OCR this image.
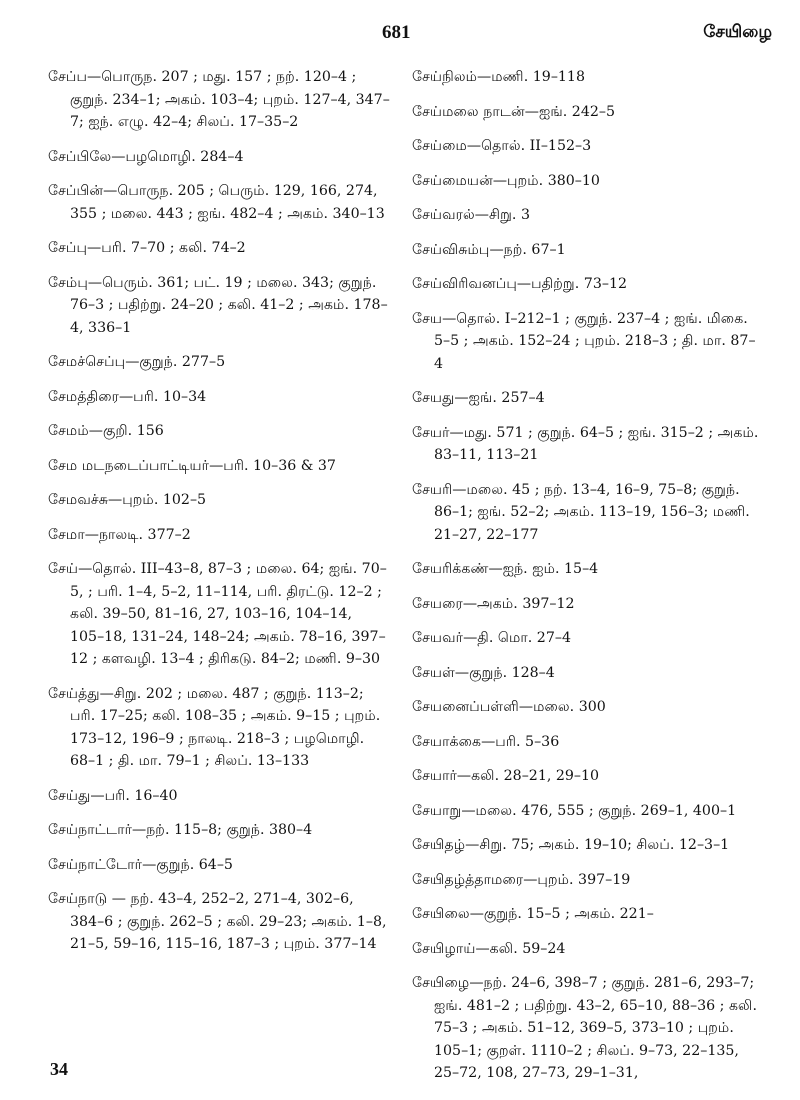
681	சேயிழை
சேப்ப—பொருந. 207 ; மது. 157 ; நற். 120–4 ; குறுந். 234–1; அகம். 103–4; புறம். 127–4, 347–7; ஐந். எழு. 42–4; சிலப். 17–35–2
சேப்பிலே—பழமொழி. 284–4
சேப்பின்—பொருந. 205 ; பெரும். 129, 166, 274, 355 ; மலை. 443 ; ஐங். 482–4 ; அகம். 340–13
சேப்பு—பரி. 7–70 ; கலி. 74–2
சேம்பு—பெரும். 361; பட். 19 ; மலை. 343; குறுந். 76–3 ; பதிற்று. 24–20 ; கலி. 41–2 ; அகம். 178–4, 336–1
சேமச்செப்பு—குறுந். 277–5
சேமத்திரை—பரி. 10–34
சேமம்—குறி. 156
சேம மடநடைப்பாட்டியர்—பரி. 10–36 & 37
சேமவச்சு—புறம். 102–5
சேமா—நாலடி. 377–2
சேய்—தொல். III–43–8, 87–3 ; மலை. 64; ஐங். 70–5, ; பரி. 1–4, 5–2, 11–114, பரி. திரட்டு. 12–2 ; கலி. 39–50, 81–16, 27, 103–16, 104–14, 105–18, 131–24, 148–24; அகம். 78–16, 397–12 ; களவழி. 13–4 ; திரிகடு. 84–2; மணி. 9–30
சேய்த்து—சிறு. 202 ; மலை. 487 ; குறுந். 113–2; பரி. 17–25; கலி. 108–35 ; அகம். 9–15 ; புறம். 173–12, 196–9 ; நாலடி. 218–3 ; பழமொழி. 68–1 ; தி. மா. 79–1 ; சிலப். 13–133
சேய்து—பரி. 16–40
சேய்நாட்டார்—நற். 115–8; குறுந். 380–4
சேய்நாட்டோர்—குறுந். 64–5
சேய்நாடு — நற். 43–4, 252–2, 271–4, 302–6, 384–6 ; குறுந். 262–5 ; கலி. 29–23; அகம். 1–8, 21–5, 59–16, 115–16, 187–3 ; புறம். 377–14
சேய்நிலம்—மணி. 19–118
சேய்மலை நாடன்—ஐங். 242–5
சேய்மை—தொல். II–152–3
சேய்மையன்—புறம். 380–10
சேய்வரல்—சிறு. 3
சேய்விசும்பு—நற். 67–1
சேய்விரிவனப்பு—பதிற்று. 73–12
சேய—தொல். I–212–1 ; குறுந். 237–4 ; ஐங். மிகை. 5–5 ; அகம். 152–24 ; புறம். 218–3 ; தி. மா. 87–4
சேயது—ஐங். 257–4
சேயர்—மது. 571 ; குறுந். 64–5 ; ஐங். 315–2 ; அகம். 83–11, 113–21
சேயரி—மலை. 45 ; நற். 13–4, 16–9, 75–8; குறுந். 86–1; ஐங். 52–2; அகம். 113–19, 156–3; மணி. 21–27, 22–177
சேயரிக்கண்—ஐந். ஐம். 15–4
சேயரை—அகம். 397–12
சேயவர்—தி. மொ. 27–4
சேயள்—குறுந். 128–4
சேயனைப்பள்ளி—மலை. 300
சேயாக்கை—பரி. 5–36
சேயார்—கலி. 28–21, 29–10
சேயாறு—மலை. 476, 555 ; குறுந். 269–1, 400–1
சேயிதழ்—சிறு. 75; அகம். 19–10; சிலப். 12–3–1
சேயிதழ்த்தாமரை—புறம். 397–19
சேயிலை—குறுந். 15–5 ; அகம். 221–
சேயிழாய்—கலி. 59–24
சேயிழை—நற். 24–6, 398–7 ; குறுந். 281–6, 293–7; ஐங். 481–2 ; பதிற்று. 43–2, 65–10, 88–36 ; கலி. 75–3 ; அகம். 51–12, 369–5, 373–10 ; புறம். 105–1; குறள். 1110–2 ; சிலப். 9–73, 22–135, 25–72, 108, 27–73, 29–1–31,
34
